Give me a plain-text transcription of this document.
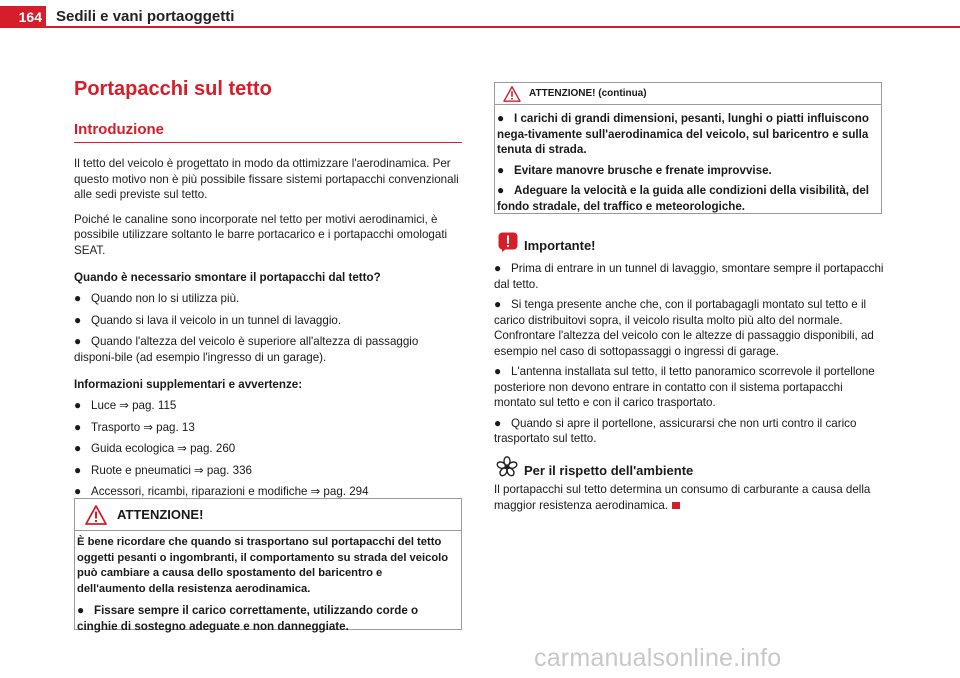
164 Sedili e vani portaoggetti
Portapacchi sul tetto
Introduzione

Il tetto del veicolo è progettato in modo da ottimizzare l'aerodinamica. Per questo motivo non è più possibile fissare sistemi portapacchi convenzionali alle sedi previste sul tetto.

Poiché le canaline sono incorporate nel tetto per motivi aerodinamici, è possibile utilizzare soltanto le barre portacarico e i portapacchi omologati SEAT.

Quando è necessario smontare il portapacchi dal tetto?
● Quando non lo si utilizza più.
● Quando si lava il veicolo in un tunnel di lavaggio.
● Quando l'altezza del veicolo è superiore all'altezza di passaggio disponi-bile (ad esempio l'ingresso di un garage).
Informazioni supplementari e avvertenze:
● Luce ⇒ pag. 115
● Trasporto ⇒ pag. 13
● Guida ecologica ⇒ pag. 260
● Ruote e pneumatici ⇒ pag. 336
● Accessori, ricambi, riparazioni e modifiche ⇒ pag. 294
ATTENZIONE!

È bene ricordare che quando si trasportano sul portapacchi del tetto oggetti pesanti o ingombranti, il comportamento su strada del veicolo può cambiare a causa dello spostamento del baricentro e dell'aumento della resistenza aerodinamica.

● Fissare sempre il carico correttamente, utilizzando corde o cinghie di sostegno adeguate e non danneggiate.
ATTENZIONE! (continua)
● I carichi di grandi dimensioni, pesanti, lunghi o piatti influiscono nega-tivamente sull'aerodinamica del veicolo, sul baricentro e sulla tenuta di strada.
● Evitare manovre brusche e frenate improvvise.
● Adeguare la velocità e la guida alle condizioni della visibilità, del fondo stradale, del traffico e meteorologiche.
Importante!
● Prima di entrare in un tunnel di lavaggio, smontare sempre il portapacchi dal tetto.
● Si tenga presente anche che, con il portabagagli montato sul tetto e il carico distribuitovi sopra, il veicolo risulta molto più alto del normale. Confrontare l'altezza del veicolo con le altezze di passaggio disponibili, ad esempio nel caso di sottopassaggi o ingressi di garage.
● L'antenna installata sul tetto, il tetto panoramico scorrevole il portellone posteriore non devono entrare in contatto con il sistema portapacchi montato sul tetto e con il carico trasportato.
● Quando si apre il portellone, assicurarsi che non urti contro il carico trasportato sul tetto.
Per il rispetto dell'ambiente

Il portapacchi sul tetto determina un consumo di carburante a causa della maggior resistenza aerodinamica.

carmanualsonline.info
